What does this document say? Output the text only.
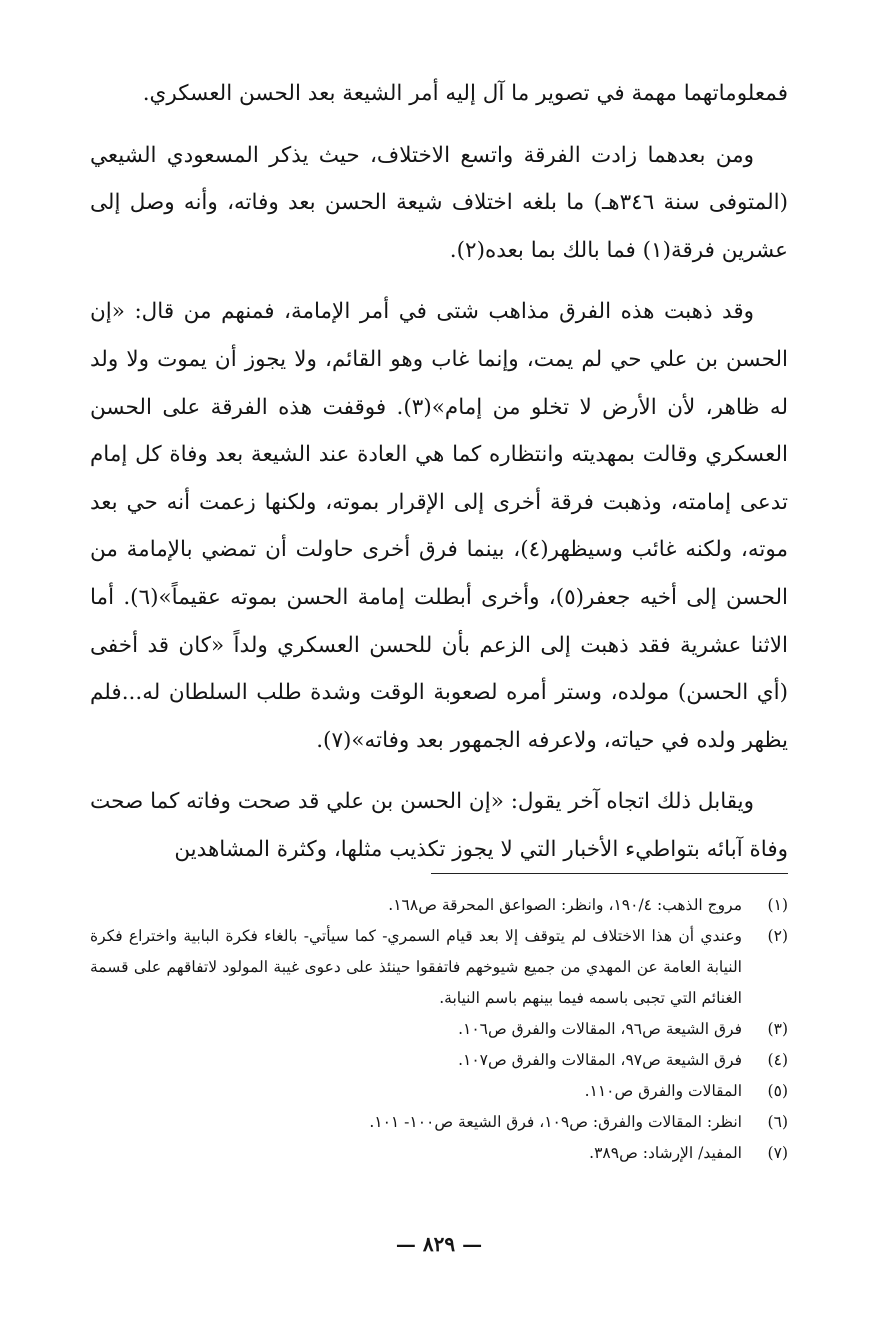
فمعلوماتهما مهمة في تصوير ما آل إليه أمر الشيعة بعد الحسن العسكري.

ومن بعدهما زادت الفرقة واتسع الاختلاف، حيث يذكر المسعودي الشيعي (المتوفى سنة ٣٤٦هـ) ما بلغه اختلاف شيعة الحسن بعد وفاته، وأنه وصل إلى عشرين فرقة(١) فما بالك بما بعده(٢).

وقد ذهبت هذه الفرق مذاهب شتى في أمر الإمامة، فمنهم من قال: «إن الحسن بن علي حي لم يمت، وإنما غاب وهو القائم، ولا يجوز أن يموت ولا ولد له ظاهر، لأن الأرض لا تخلو من إمام»(٣). فوقفت هذه الفرقة على الحسن العسكري وقالت بمهديته وانتظاره كما هي العادة عند الشيعة بعد وفاة كل إمام تدعى إمامته، وذهبت فرقة أخرى إلى الإقرار بموته، ولكنها زعمت أنه حي بعد موته، ولكنه غائب وسيظهر(٤)، بينما فرق أخرى حاولت أن تمضي بالإمامة من الحسن إلى أخيه جعفر(٥)، وأخرى أبطلت إمامة الحسن بموته عقيماً»(٦). أما الاثنا عشرية فقد ذهبت إلى الزعم بأن للحسن العسكري ولداً «كان قد أخفى (أي الحسن) مولده، وستر أمره لصعوبة الوقت وشدة طلب السلطان له...فلم يظهر ولده في حياته، ولاعرفه الجمهور بعد وفاته»(٧).

ويقابل ذلك اتجاه آخر يقول: «إن الحسن بن علي قد صحت وفاته كما صحت وفاة آبائه بتواطيء الأخبار التي لا يجوز تكذيب مثلها، وكثرة المشاهدين

(١)
مروج الذهب: ١٩٠/٤، وانظر: الصواعق المحرقة ص١٦٨.
(٢)
وعندي أن هذا الاختلاف لم يتوقف إلا بعد قيام السمري- كما سيأتي- بالغاء فكرة البابية واختراع فكرة النيابة العامة عن المهدي من جميع شيوخهم فاتفقوا حينئذ على دعوى غيبة المولود لاتفاقهم على قسمة الغنائم التي تجبى باسمه فيما بينهم باسم النيابة.
(٣)
فرق الشيعة ص٩٦، المقالات والفرق ص١٠٦.
(٤)
فرق الشيعة ص٩٧، المقالات والفرق ص١٠٧.
(٥)
المقالات والفرق ص١١٠.
(٦)
انظر: المقالات والفرق: ص١٠٩، فرق الشيعة ص١٠٠- ١٠١.
(٧)
المفيد/ الإرشاد: ص٣٨٩.
— ٨٢٩ —
